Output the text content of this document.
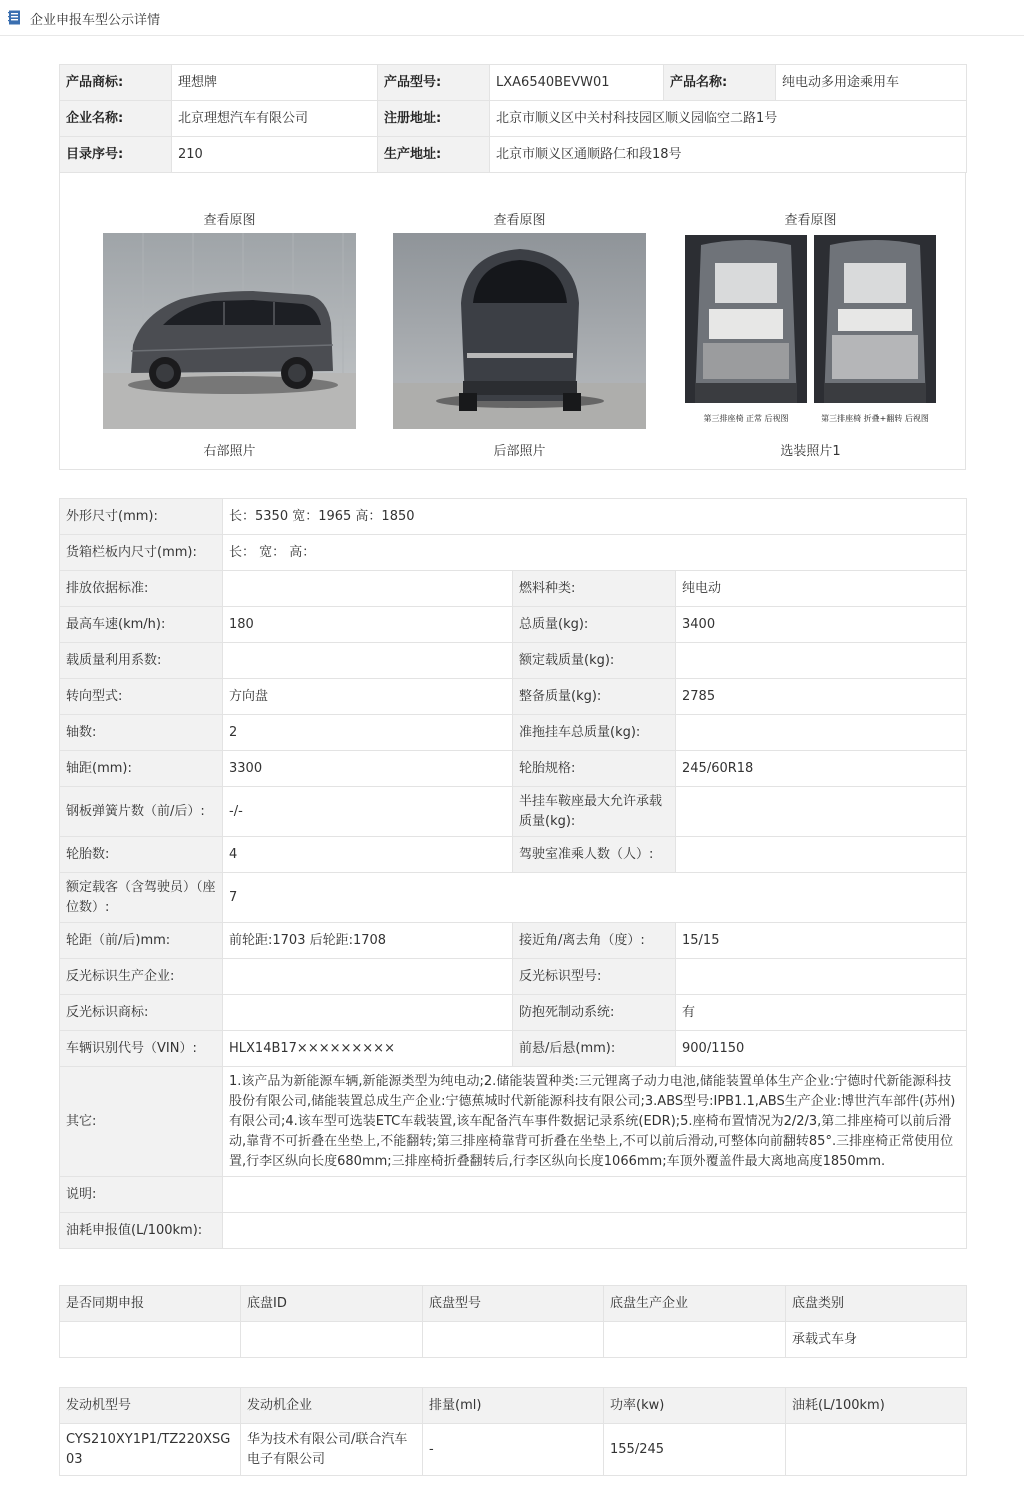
企业申报车型公示详情
产品商标:	理想牌	产品型号:	LXA6540BEVW01	产品名称:	纯电动多用途乘用车
企业名称:	北京理想汽车有限公司	注册地址:	北京市顺义区中关村科技园区顺义园临空二路1号		
目录序号:	210	生产地址:	北京市顺义区通顺路仁和段18号		
查看原图
右部照片
查看原图
后部照片
查看原图
第三排座椅 正常 后视图	第三排座椅 折叠+翻转 后视图
选装照片1
外形尺寸(mm):	长：5350 宽：1965 高：1850		
货箱栏板内尺寸(mm):	长： 宽： 高：		
排放依据标准:		燃料种类:	纯电动
最高车速(km/h):	180	总质量(kg):	3400
载质量利用系数:		额定载质量(kg):	
转向型式:	方向盘	整备质量(kg):	2785
轴数:	2	准拖挂车总质量(kg):	
轴距(mm):	3300	轮胎规格:	245/60R18
钢板弹簧片数（前/后）:	-/-	半挂车鞍座最大允许承载质量(kg):	
轮胎数:	4	驾驶室准乘人数（人）:	
额定载客（含驾驶员）（座位数）:	7		
轮距（前/后)mm:	前轮距:1703 后轮距:1708	接近角/离去角（度）:	15/15
反光标识生产企业:		反光标识型号:	
反光标识商标:		防抱死制动系统:	有
车辆识别代号（VIN）:	HLX14B17×××××××××	前悬/后悬(mm):	900/1150
其它:	1.该产品为新能源车辆,新能源类型为纯电动;2.储能装置种类:三元锂离子动力电池,储能装置单体生产企业:宁德时代新能源科技股份有限公司,储能装置总成生产企业:宁德蕉城时代新能源科技有限公司;3.ABS型号:IPB1.1,ABS生产企业:博世汽车部件(苏州)有限公司;4.该车型可选装ETC车载装置,该车配备汽车事件数据记录系统(EDR);5.座椅布置情况为2/2/3,第二排座椅可以前后滑动,靠背不可折叠在坐垫上,不能翻转;第三排座椅靠背可折叠在坐垫上,不可以前后滑动,可整体向前翻转85°.三排座椅正常使用位置,行李区纵向长度680mm;三排座椅折叠翻转后,行李区纵向长度1066mm;车顶外覆盖件最大离地高度1850mm.		
说明:			
油耗申报值(L/100km):			
是否同期申报	底盘ID	底盘型号	底盘生产企业	底盘类别
				承载式车身
发动机型号	发动机企业	排量(ml)	功率(kw)	油耗(L/100km)
CYS210XY1P1/TZ220XSG03	华为技术有限公司/联合汽车电子有限公司	-	155/245	
